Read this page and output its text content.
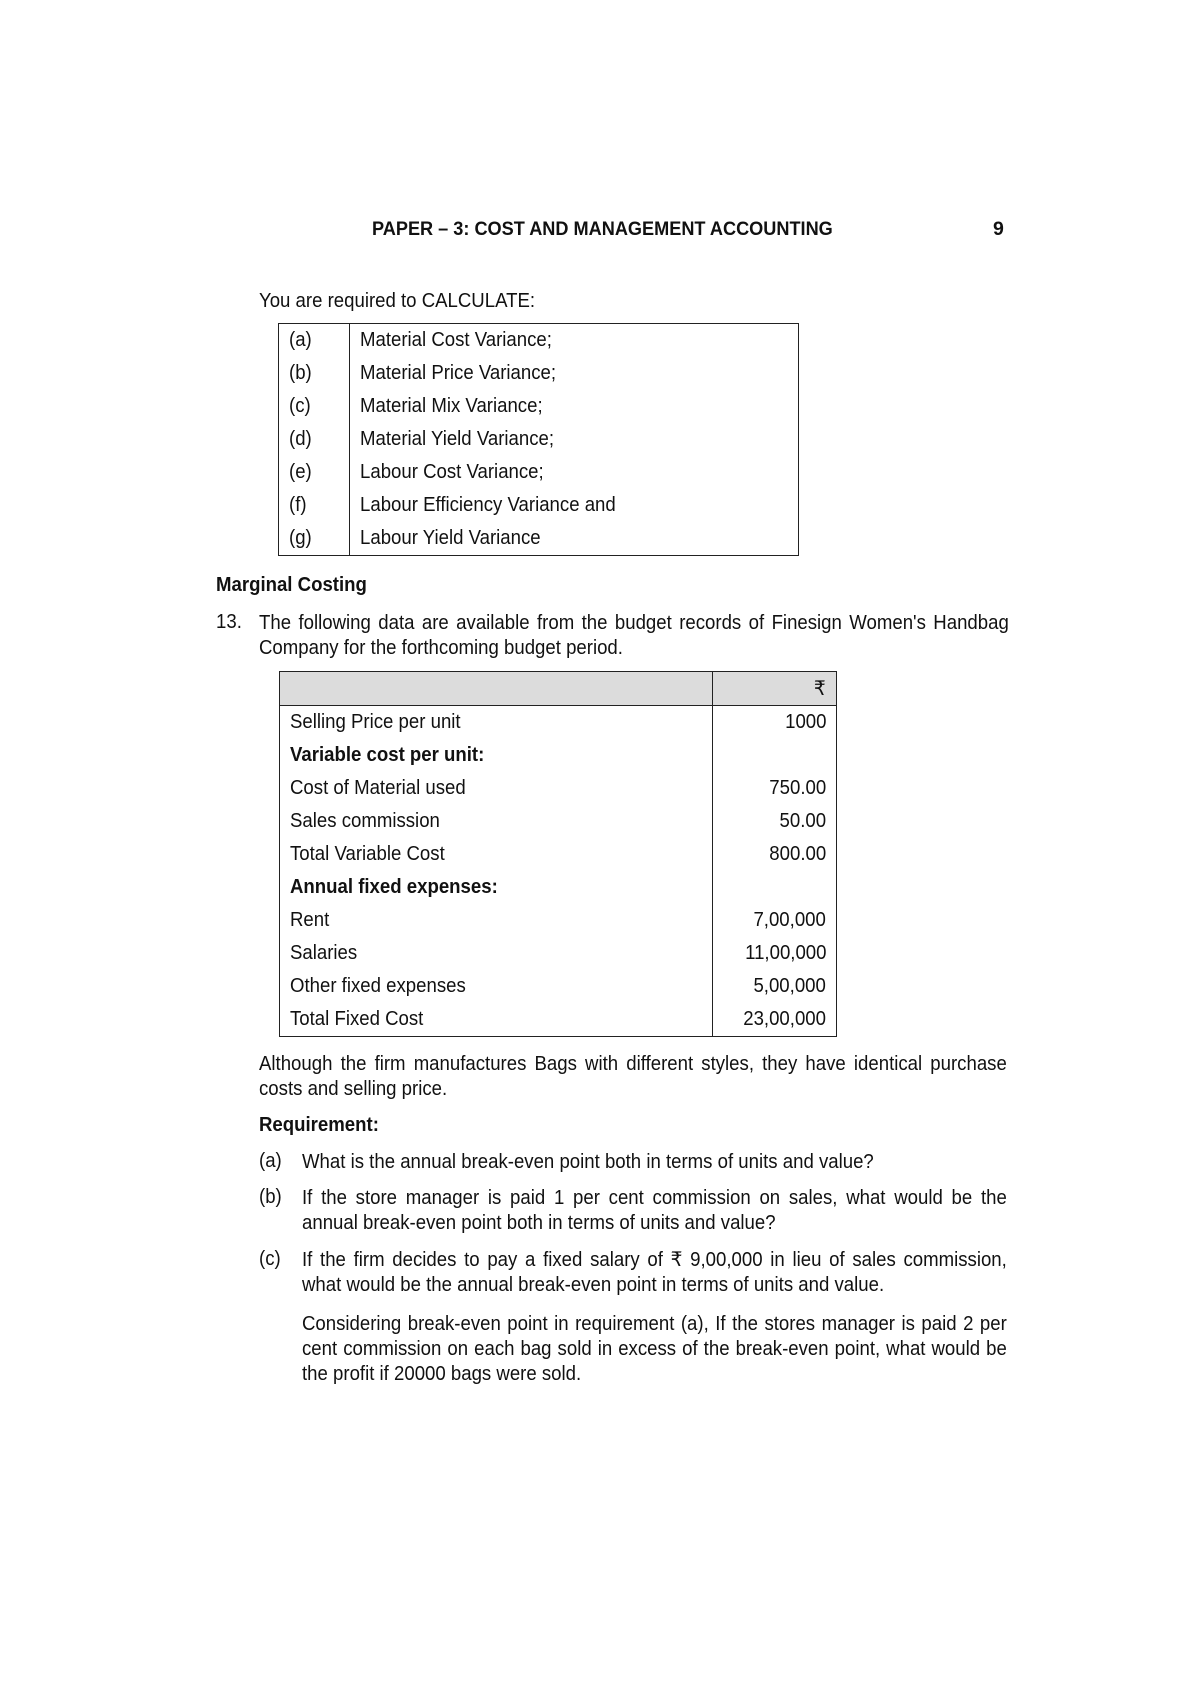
PAPER – 3: COST AND MANAGEMENT ACCOUNTING	9
You are required to CALCULATE:
(a)	Material Cost Variance;
(b)	Material Price Variance;
(c)	Material Mix Variance;
(d)	Material Yield Variance;
(e)	Labour Cost Variance;
(f)	Labour Efficiency Variance and
(g)	Labour Yield Variance
Marginal Costing
13. The following data are available from the budget records of Finesign Women's Handbag Company for the forthcoming budget period.
	₹
Selling Price per unit	1000
Variable cost per unit:	
Cost of Material used	750.00
Sales commission	50.00
Total Variable Cost	800.00
Annual fixed expenses:	
Rent	7,00,000
Salaries	11,00,000
Other fixed expenses	5,00,000
Total Fixed Cost	23,00,000
Although the firm manufactures Bags with different styles, they have identical purchase costs and selling price.
Requirement:
(a) What is the annual break-even point both in terms of units and value?
(b) If the store manager is paid 1 per cent commission on sales, what would be the annual break-even point both in terms of units and value?
(c) If the firm decides to pay a fixed salary of ₹ 9,00,000 in lieu of sales commission, what would be the annual break-even point in terms of units and value.
Considering break-even point in requirement (a), If the stores manager is paid 2 per cent commission on each bag sold in excess of the break-even point, what would be the profit if 20000 bags were sold.
